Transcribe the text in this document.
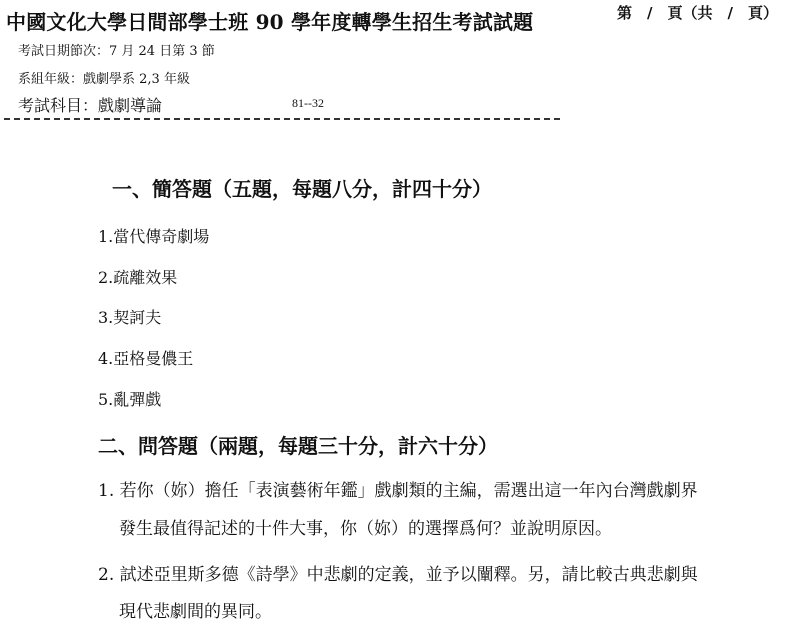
中國文化大學日間部學士班 90 學年度轉學生招生考試試題	第　/　頁（共　/　頁）
考試日期節次：7 月 24 日第 3 節
系組年級：戲劇學系 2,3 年級
考試科目：戲劇導論	81--32
一、簡答題（五題，每題八分，計四十分）
1.當代傳奇劇場
2.疏離效果
3.契訶夫
4.亞格曼儂王
5.亂彈戲
二、問答題（兩題，每題三十分，計六十分）
1. 若你（妳）擔任「表演藝術年鑑」戲劇類的主編，需選出這一年內台灣戲劇界
發生最值得記述的十件大事，你（妳）的選擇爲何？並說明原因。
2. 試述亞里斯多德《詩學》中悲劇的定義，並予以闡釋。另，請比較古典悲劇與
現代悲劇間的異同。
